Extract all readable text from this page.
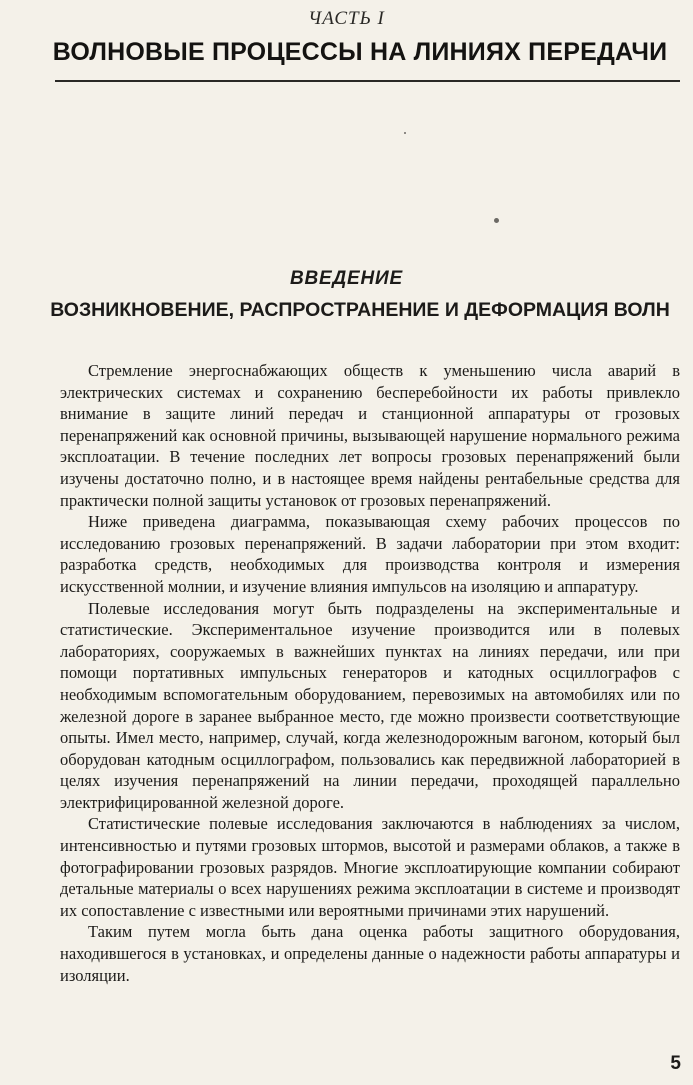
ЧАСТЬ I
ВОЛНОВЫЕ ПРОЦЕССЫ НА ЛИНИЯХ ПЕРЕДАЧИ
ВВЕДЕНИЕ
ВОЗНИКНОВЕНИЕ, РАСПРОСТРАНЕНИЕ И ДЕФОРМАЦИЯ ВОЛН

Стремление энергоснабжающих обществ к уменьшению числа аварий в электрических системах и сохранению бесперебойности их работы привлекло внимание в защите линий передач и станционной аппаратуры от грозовых перенапряжений как основной причины, вызывающей нарушение нормального режима эксплоатации. В течение последних лет вопросы грозовых перенапряжений были изучены достаточно полно, и в настоящее время найдены рентабельные средства для практически полной защиты установок от грозовых перенапряжений.

Ниже приведена диаграмма, показывающая схему рабочих процессов по исследованию грозовых перенапряжений. В задачи лаборатории при этом входит: разработка средств, необходимых для производства контроля и измерения искусственной молнии, и изучение влияния импульсов на изоляцию и аппаратуру.

Полевые исследования могут быть подразделены на экспериментальные и статистические. Экспериментальное изучение производится или в полевых лабораториях, сооружаемых в важнейших пунктах на линиях передачи, или при помощи портативных импульсных генераторов и катодных осциллографов с необходимым вспомогательным оборудованием, перевозимых на автомобилях или по железной дороге в заранее выбранное место, где можно произвести соответствующие опыты. Имел место, например, случай, когда железнодорожным вагоном, который был оборудован катодным осциллографом, пользовались как передвижной лабораторией в целях изучения перенапряжений на линии передачи, проходящей параллельно электрифицированной железной дороге.

Статистические полевые исследования заключаются в наблюдениях за числом, интенсивностью и путями грозовых штормов, высотой и размерами облаков, а также в фотографировании грозовых разрядов. Многие эксплоатирующие компании собирают детальные материалы о всех нарушениях режима эксплоатации в системе и производят их сопоставление с известными или вероятными причинами этих нарушений.

Таким путем могла быть дана оценка работы защитного оборудования, находившегося в установках, и определены данные о надежности работы аппаратуры и изоляции.

5
